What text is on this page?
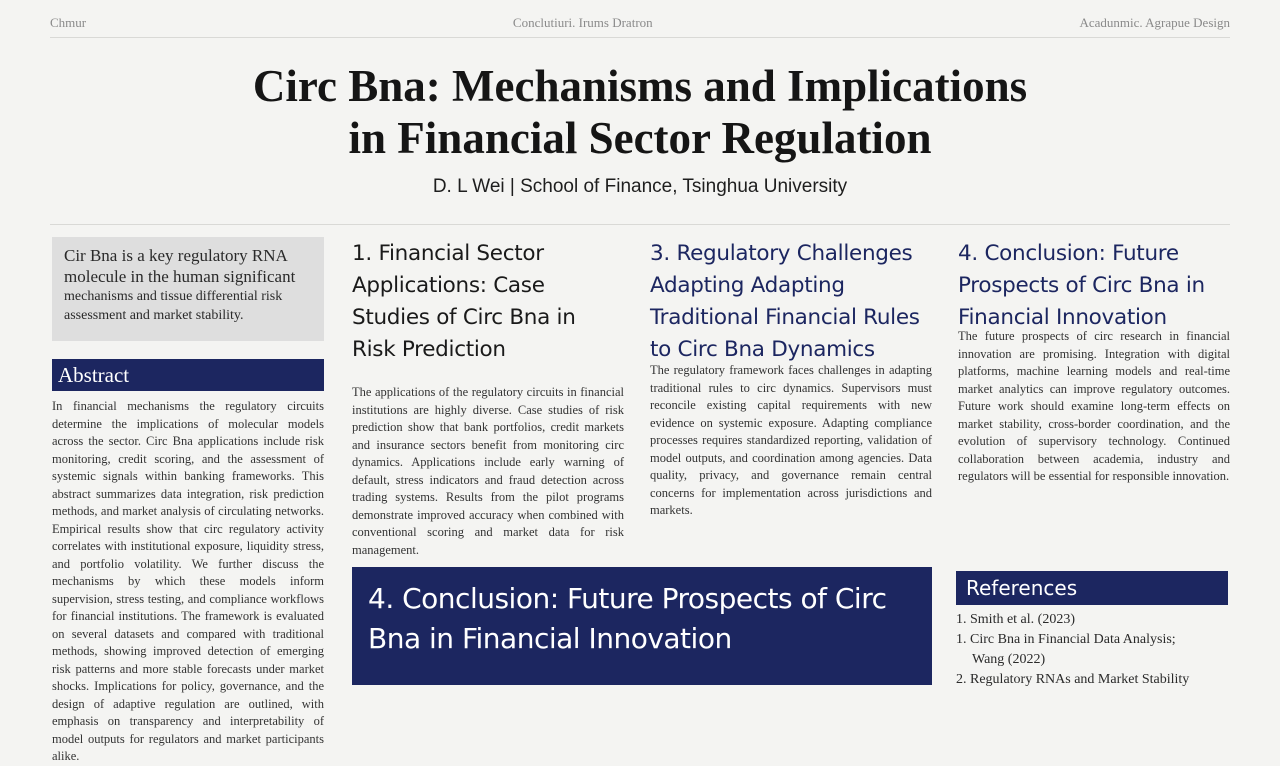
Chmur	Conclutiuri. Irums Dratron	Acadunmic. Agrapue Design
Circ Bna: Mechanisms and Implications
in Financial Sector Regulation
D. L Wei | School of Finance, Tsinghua University
Cir Bna is a key regulatory RNA
molecule in the human significant
mechanisms and tissue differential risk
assessment and market stability.
Abstract
In financial mechanisms the regulatory circuits determine the implications of molecular models across the sector. Circ Bna applications include risk monitoring, credit scoring, and the assessment of systemic signals within banking frameworks. This abstract summarizes data integration, risk prediction methods, and market analysis of circulating networks. Empirical results show that circ regulatory activity correlates with institutional exposure, liquidity stress, and portfolio volatility. We further discuss the mechanisms by which these models inform supervision, stress testing, and compliance workflows for financial institutions. The framework is evaluated on several datasets and compared with traditional methods, showing improved detection of emerging risk patterns and more stable forecasts under market shocks. Implications for policy, governance, and the design of adaptive regulation are outlined, with emphasis on transparency and interpretability of model outputs for regulators and market participants alike.
1. Financial Sector Applications: Case Studies of Circ Bna in Risk Prediction
The applications of the regulatory circuits in financial institutions are highly diverse. Case studies of risk prediction show that bank portfolios, credit markets and insurance sectors benefit from monitoring circ dynamics. Applications include early warning of default, stress indicators and fraud detection across trading systems. Results from the pilot programs demonstrate improved accuracy when combined with conventional scoring and market data for risk management.
3. Regulatory Challenges Adapting Adapting Traditional Financial Rules to Circ Bna Dynamics
The regulatory framework faces challenges in adapting traditional rules to circ dynamics. Supervisors must reconcile existing capital requirements with new evidence on systemic exposure. Adapting compliance processes requires standardized reporting, validation of model outputs, and coordination among agencies. Data quality, privacy, and governance remain central concerns for implementation across jurisdictions and markets.
4. Conclusion: Future Prospects of Circ Bna in Financial Innovation
The future prospects of circ research in financial innovation are promising. Integration with digital platforms, machine learning models and real-time market analytics can improve regulatory outcomes. Future work should examine long-term effects on market stability, cross-border coordination, and the evolution of supervisory technology. Continued collaboration between academia, industry and regulators will be essential for responsible innovation.
4. Conclusion: Future Prospects of Circ
Bna in Financial Innovation
References
1. Smith et al. (2023)
1. Circ Bna in Financial Data Analysis;
Wang (2022)
2. Regulatory RNAs and Market Stability
